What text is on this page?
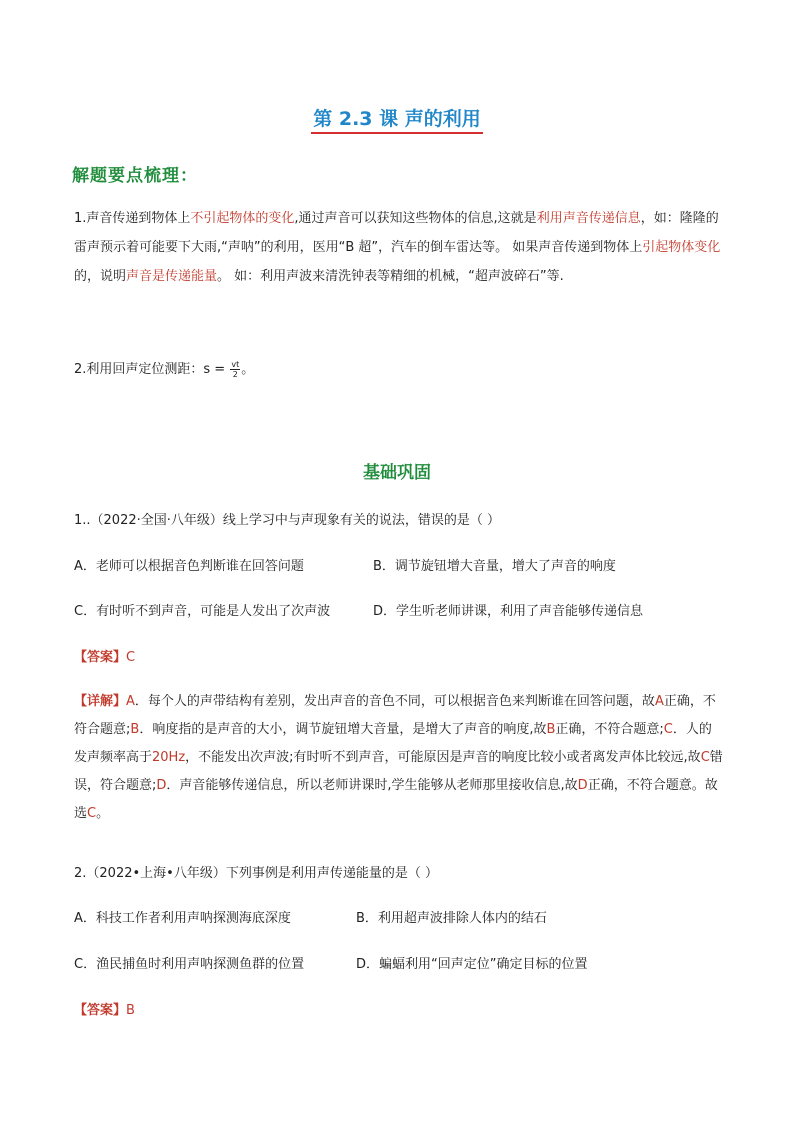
第 2.3 课 声的利用
解题要点梳理：
1.声音传递到物体上不引起物体的变化,通过声音可以获知这些物体的信息,这就是利用声音传递信息，如：隆隆的雷声预示着可能要下大雨,“声呐”的利用，医用“B 超”，汽车的倒车雷达等。 如果声音传递到物体上引起物体变化的，说明声音是传递能量。 如：利用声波来清洗钟表等精细的机械，“超声波碎石”等.
2.利用回声定位测距：$s = \frac{vt}{2}$ 。
基础巩固
1..（2022·全国·八年级）线上学习中与声现象有关的说法，错误的是（ ）
A．老师可以根据音色判断谁在回答问题	B．调节旋钮增大音量，增大了声音的响度
C．有时听不到声音，可能是人发出了次声波	D．学生听老师讲课，利用了声音能够传递信息
【答案】C
【详解】A．每个人的声带结构有差别，发出声音的音色不同，可以根据音色来判断谁在回答问题，故A正确，不符合题意;B．响度指的是声音的大小，调节旋钮增大音量，是增大了声音的响度,故B正确，不符合题意;C．人的发声频率高于20Hz，不能发出次声波;有时听不到声音，可能原因是声音的响度比较小或者离发声体比较远,故C错误，符合题意;D．声音能够传递信息，所以老师讲课时,学生能够从老师那里接收信息,故D正确，不符合题意。故选C。
2.（2022•上海•八年级）下列事例是利用声传递能量的是（ ）
A．科技工作者利用声呐探测海底深度	B．利用超声波排除人体内的结石
C．渔民捕鱼时利用声呐探测鱼群的位置	D．蝙蝠利用“回声定位”确定目标的位置
【答案】B
